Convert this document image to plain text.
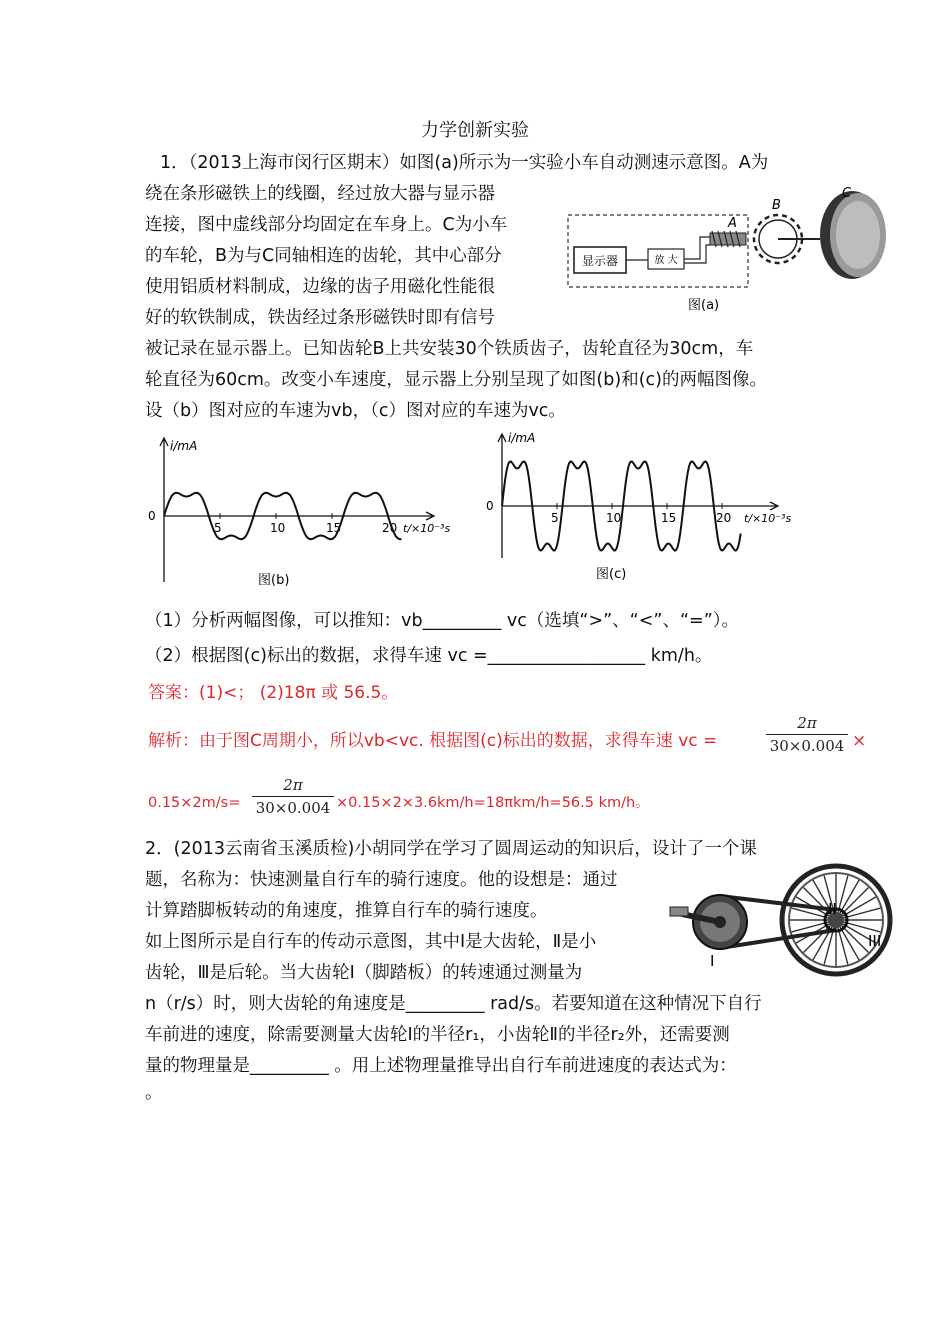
力学创新实验
1．（2013上海市闵行区期末）如图(a)所示为一实验小车自动测速示意图。A为
绕在条形磁铁上的线圈，经过放大器与显示器
连接，图中虚线部分均固定在车身上。C为小车
的车轮，B为与C同轴相连的齿轮，其中心部分
使用铝质材料制成，边缘的齿子用磁化性能很
好的软铁制成，铁齿经过条形磁铁时即有信号
被记录在显示器上。已知齿轮B上共安装30个铁质齿子，齿轮直径为30cm，车
轮直径为60cm。改变小车速度，显示器上分别呈现了如图(b)和(c)的两幅图像。
设（b）图对应的车速为vb，（c）图对应的车速为vc。
显示器	放 大
A
B
C
图(a)
i/mA
0
t/×10⁻³s
5	10	15	20
图(b)
i/mA
0
t/×10⁻³s
5	10	15	20
图(c)
（1）分析两幅图像，可以推知：vb_________ vc（选填“>”、“<”、“=”）。
（2）根据图(c)标出的数据，求得车速 vc =__________________ km/h。
答案：(1)<； (2)18π 或 56.5。
解析：由于图C周期小，所以vb<vc. 根据图(c)标出的数据，求得车速 vc =	$\frac{2\pi}{30\times 0.004}$ ×
$0.15\times 2m/s= \frac{2\pi}{30\times 0.004} \times 0.15\times 2\times 3.6km/h=18\pi km/h=56.5$ km/h。
2．(2013云南省玉溪质检)小胡同学在学习了圆周运动的知识后，设计了一个课
题，名称为：快速测量自行车的骑行速度。他的设想是：通过
计算踏脚板转动的角速度，推算自行车的骑行速度。
如上图所示是自行车的传动示意图，其中Ⅰ是大齿轮，Ⅱ是小
齿轮，Ⅲ是后轮。当大齿轮Ⅰ（脚踏板）的转速通过测量为
n（r/s）时，则大齿轮的角速度是_________ rad/s。若要知道在这种情况下自行
车前进的速度，除需要测量大齿轮Ⅰ的半径r₁，小齿轮Ⅱ的半径r₂外，还需要测
量的物理量是_________ 。用上述物理量推导出自行车前进速度的表达式为：
。
I
II
III
